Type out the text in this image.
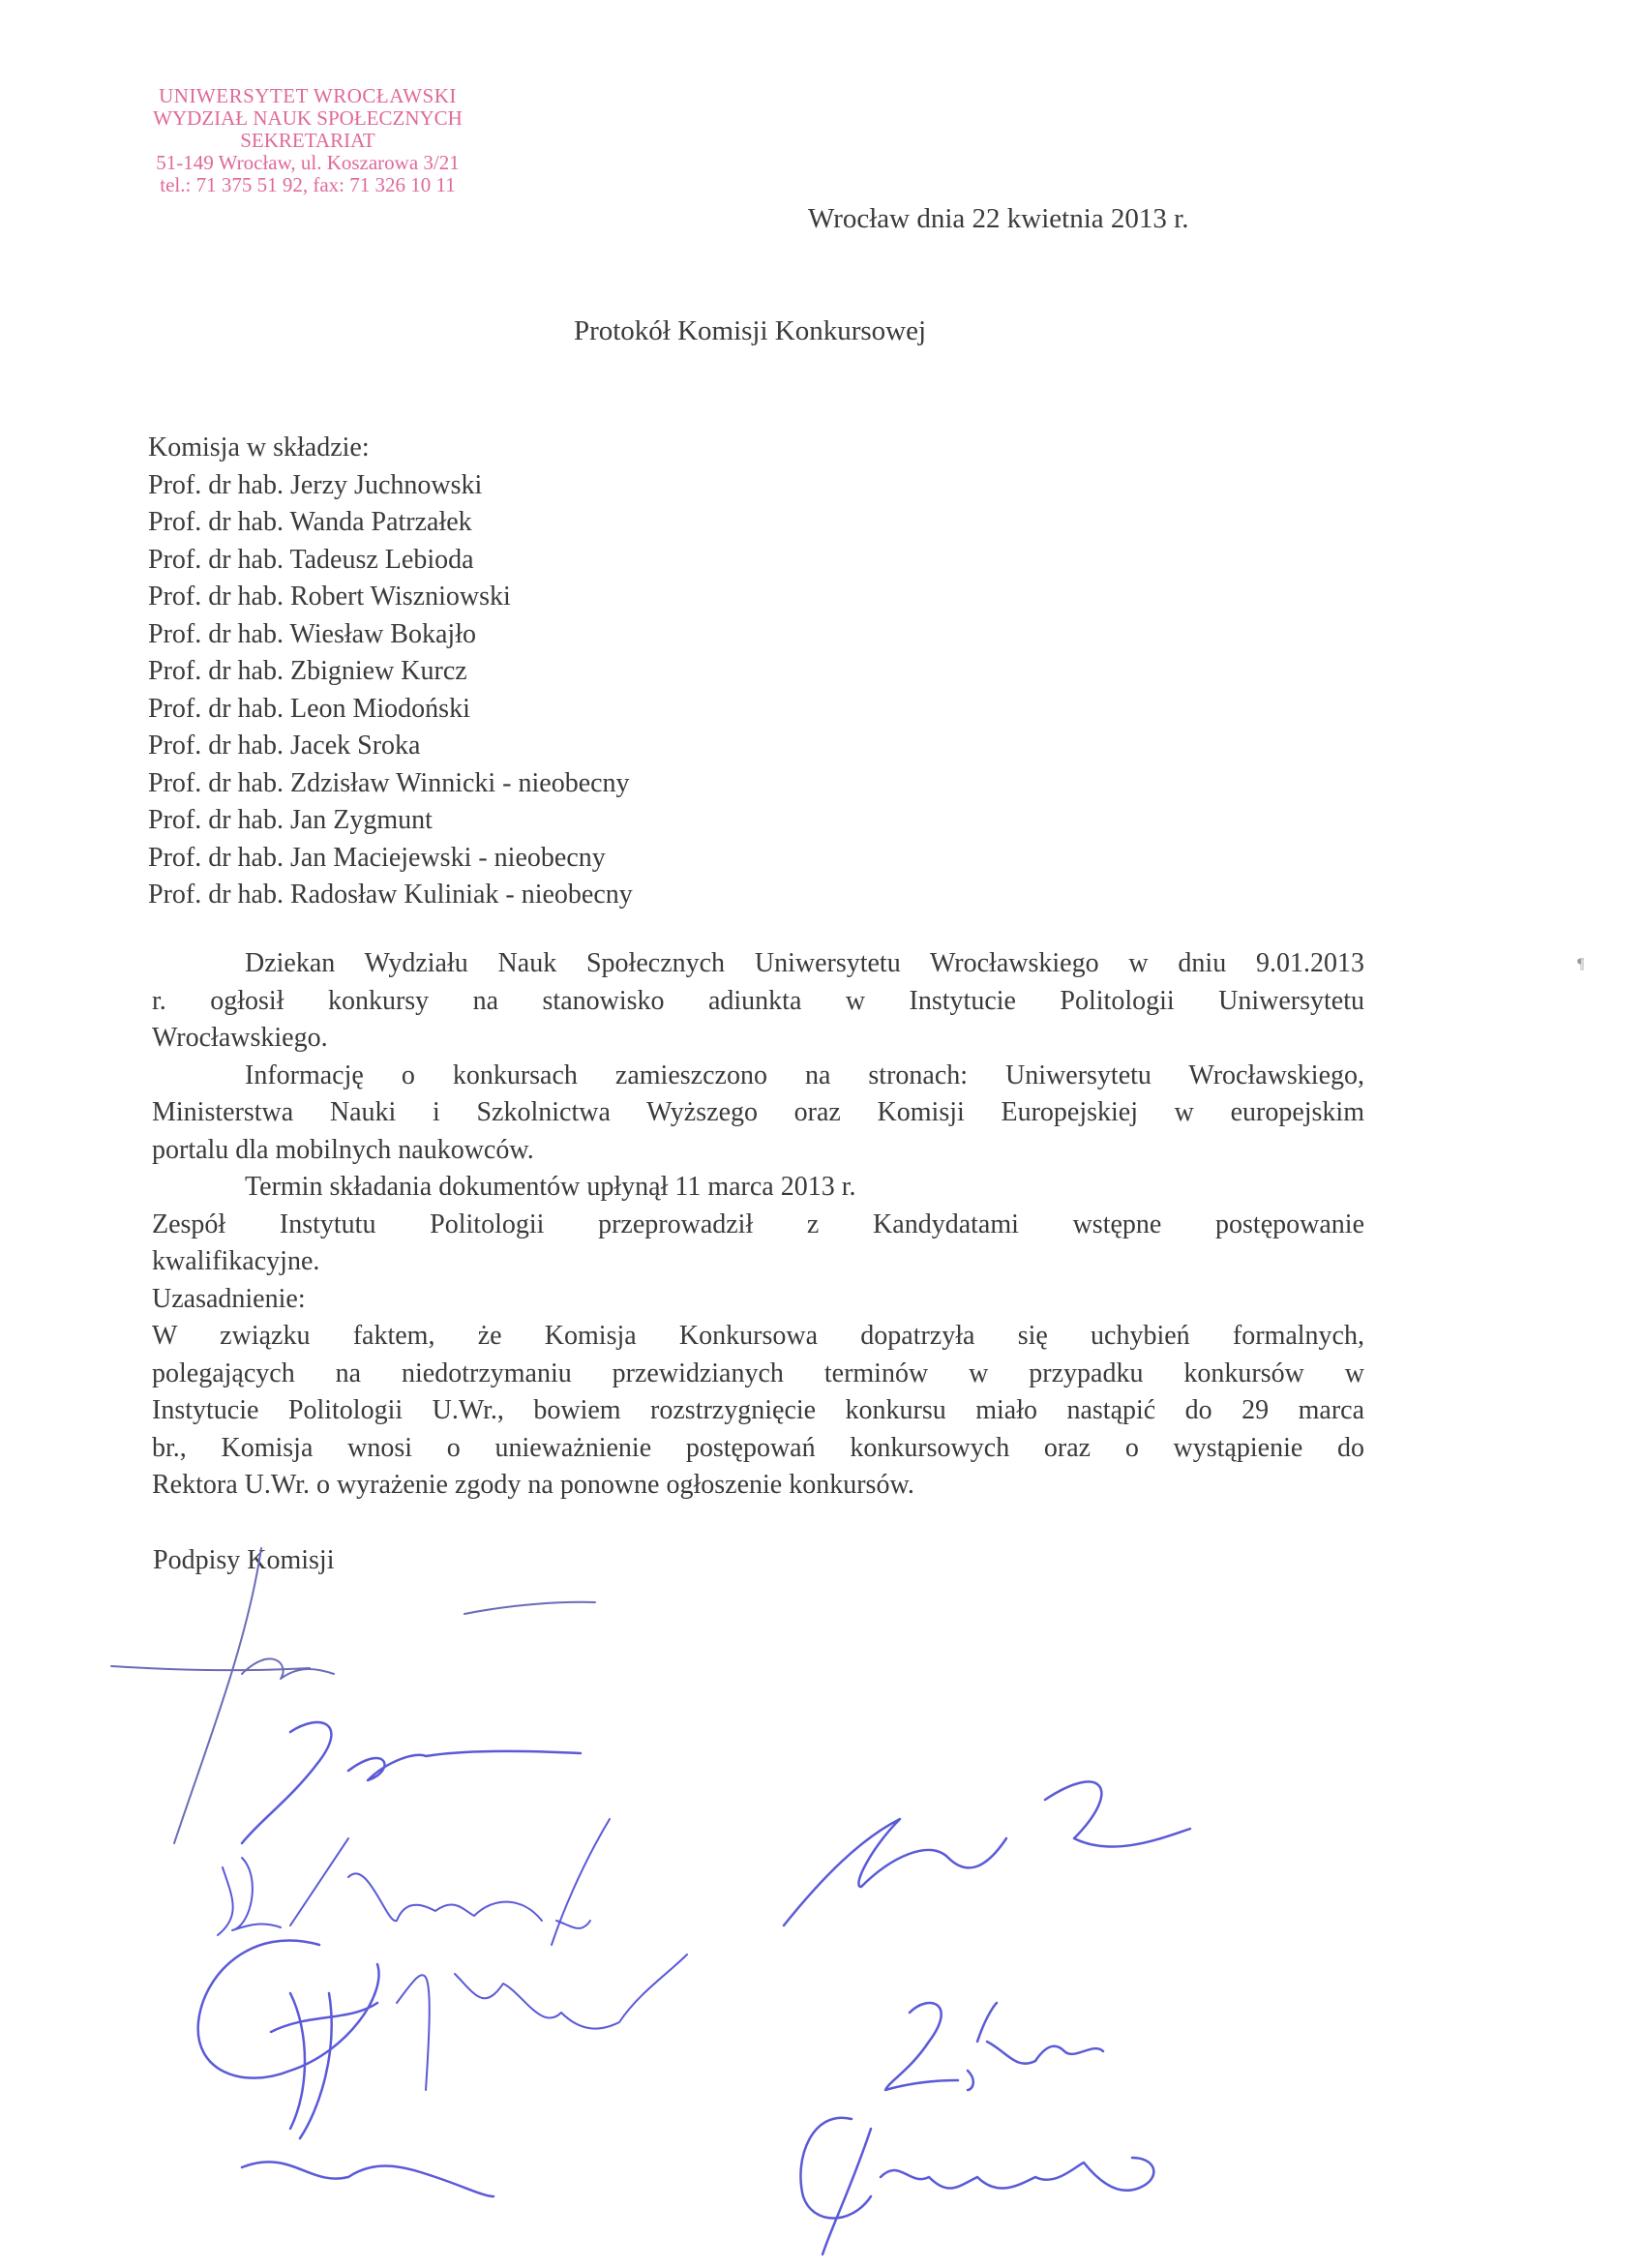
UNIWERSYTET WROCŁAWSKI
WYDZIAŁ NAUK SPOŁECZNYCH
SEKRETARIAT
51-149 Wrocław, ul. Koszarowa 3/21
tel.: 71 375 51 92, fax: 71 326 10 11
Wrocław dnia 22 kwietnia 2013 r.
Protokół Komisji Konkursowej
Komisja w składzie:
Prof. dr hab. Jerzy Juchnowski
Prof. dr hab. Wanda Patrzałek
Prof. dr hab. Tadeusz Lebioda
Prof. dr hab. Robert Wiszniowski
Prof. dr hab. Wiesław Bokajło
Prof. dr hab. Zbigniew Kurcz
Prof. dr hab. Leon Miodoński
Prof. dr hab. Jacek Sroka
Prof. dr hab. Zdzisław Winnicki - nieobecny
Prof. dr hab. Jan Zygmunt
Prof. dr hab. Jan Maciejewski - nieobecny
Prof. dr hab. Radosław Kuliniak - nieobecny
Dziekan Wydziału Nauk Społecznych Uniwersytetu Wrocławskiego w dniu 9.01.2013
r. ogłosił konkursy na stanowisko adiunkta w Instytucie Politologii Uniwersytetu
Wrocławskiego.
Informację o konkursach zamieszczono na stronach: Uniwersytetu Wrocławskiego,
Ministerstwa Nauki i Szkolnictwa Wyższego oraz Komisji Europejskiej w europejskim
portalu dla mobilnych naukowców.
Termin składania dokumentów upłynął 11 marca 2013 r.
Zespół Instytutu Politologii przeprowadził z Kandydatami wstępne postępowanie
kwalifikacyjne.
Uzasadnienie:
W związku faktem, że Komisja Konkursowa dopatrzyła się uchybień formalnych,
polegających na niedotrzymaniu przewidzianych terminów w przypadku konkursów w
Instytucie Politologii U.Wr., bowiem rozstrzygnięcie konkursu miało nastąpić do 29 marca
br., Komisja wnosi o unieważnienie postępowań konkursowych oraz o wystąpienie do
Rektora U.Wr. o wyrażenie zgody na ponowne ogłoszenie konkursów.
¶
Podpisy Komisji
